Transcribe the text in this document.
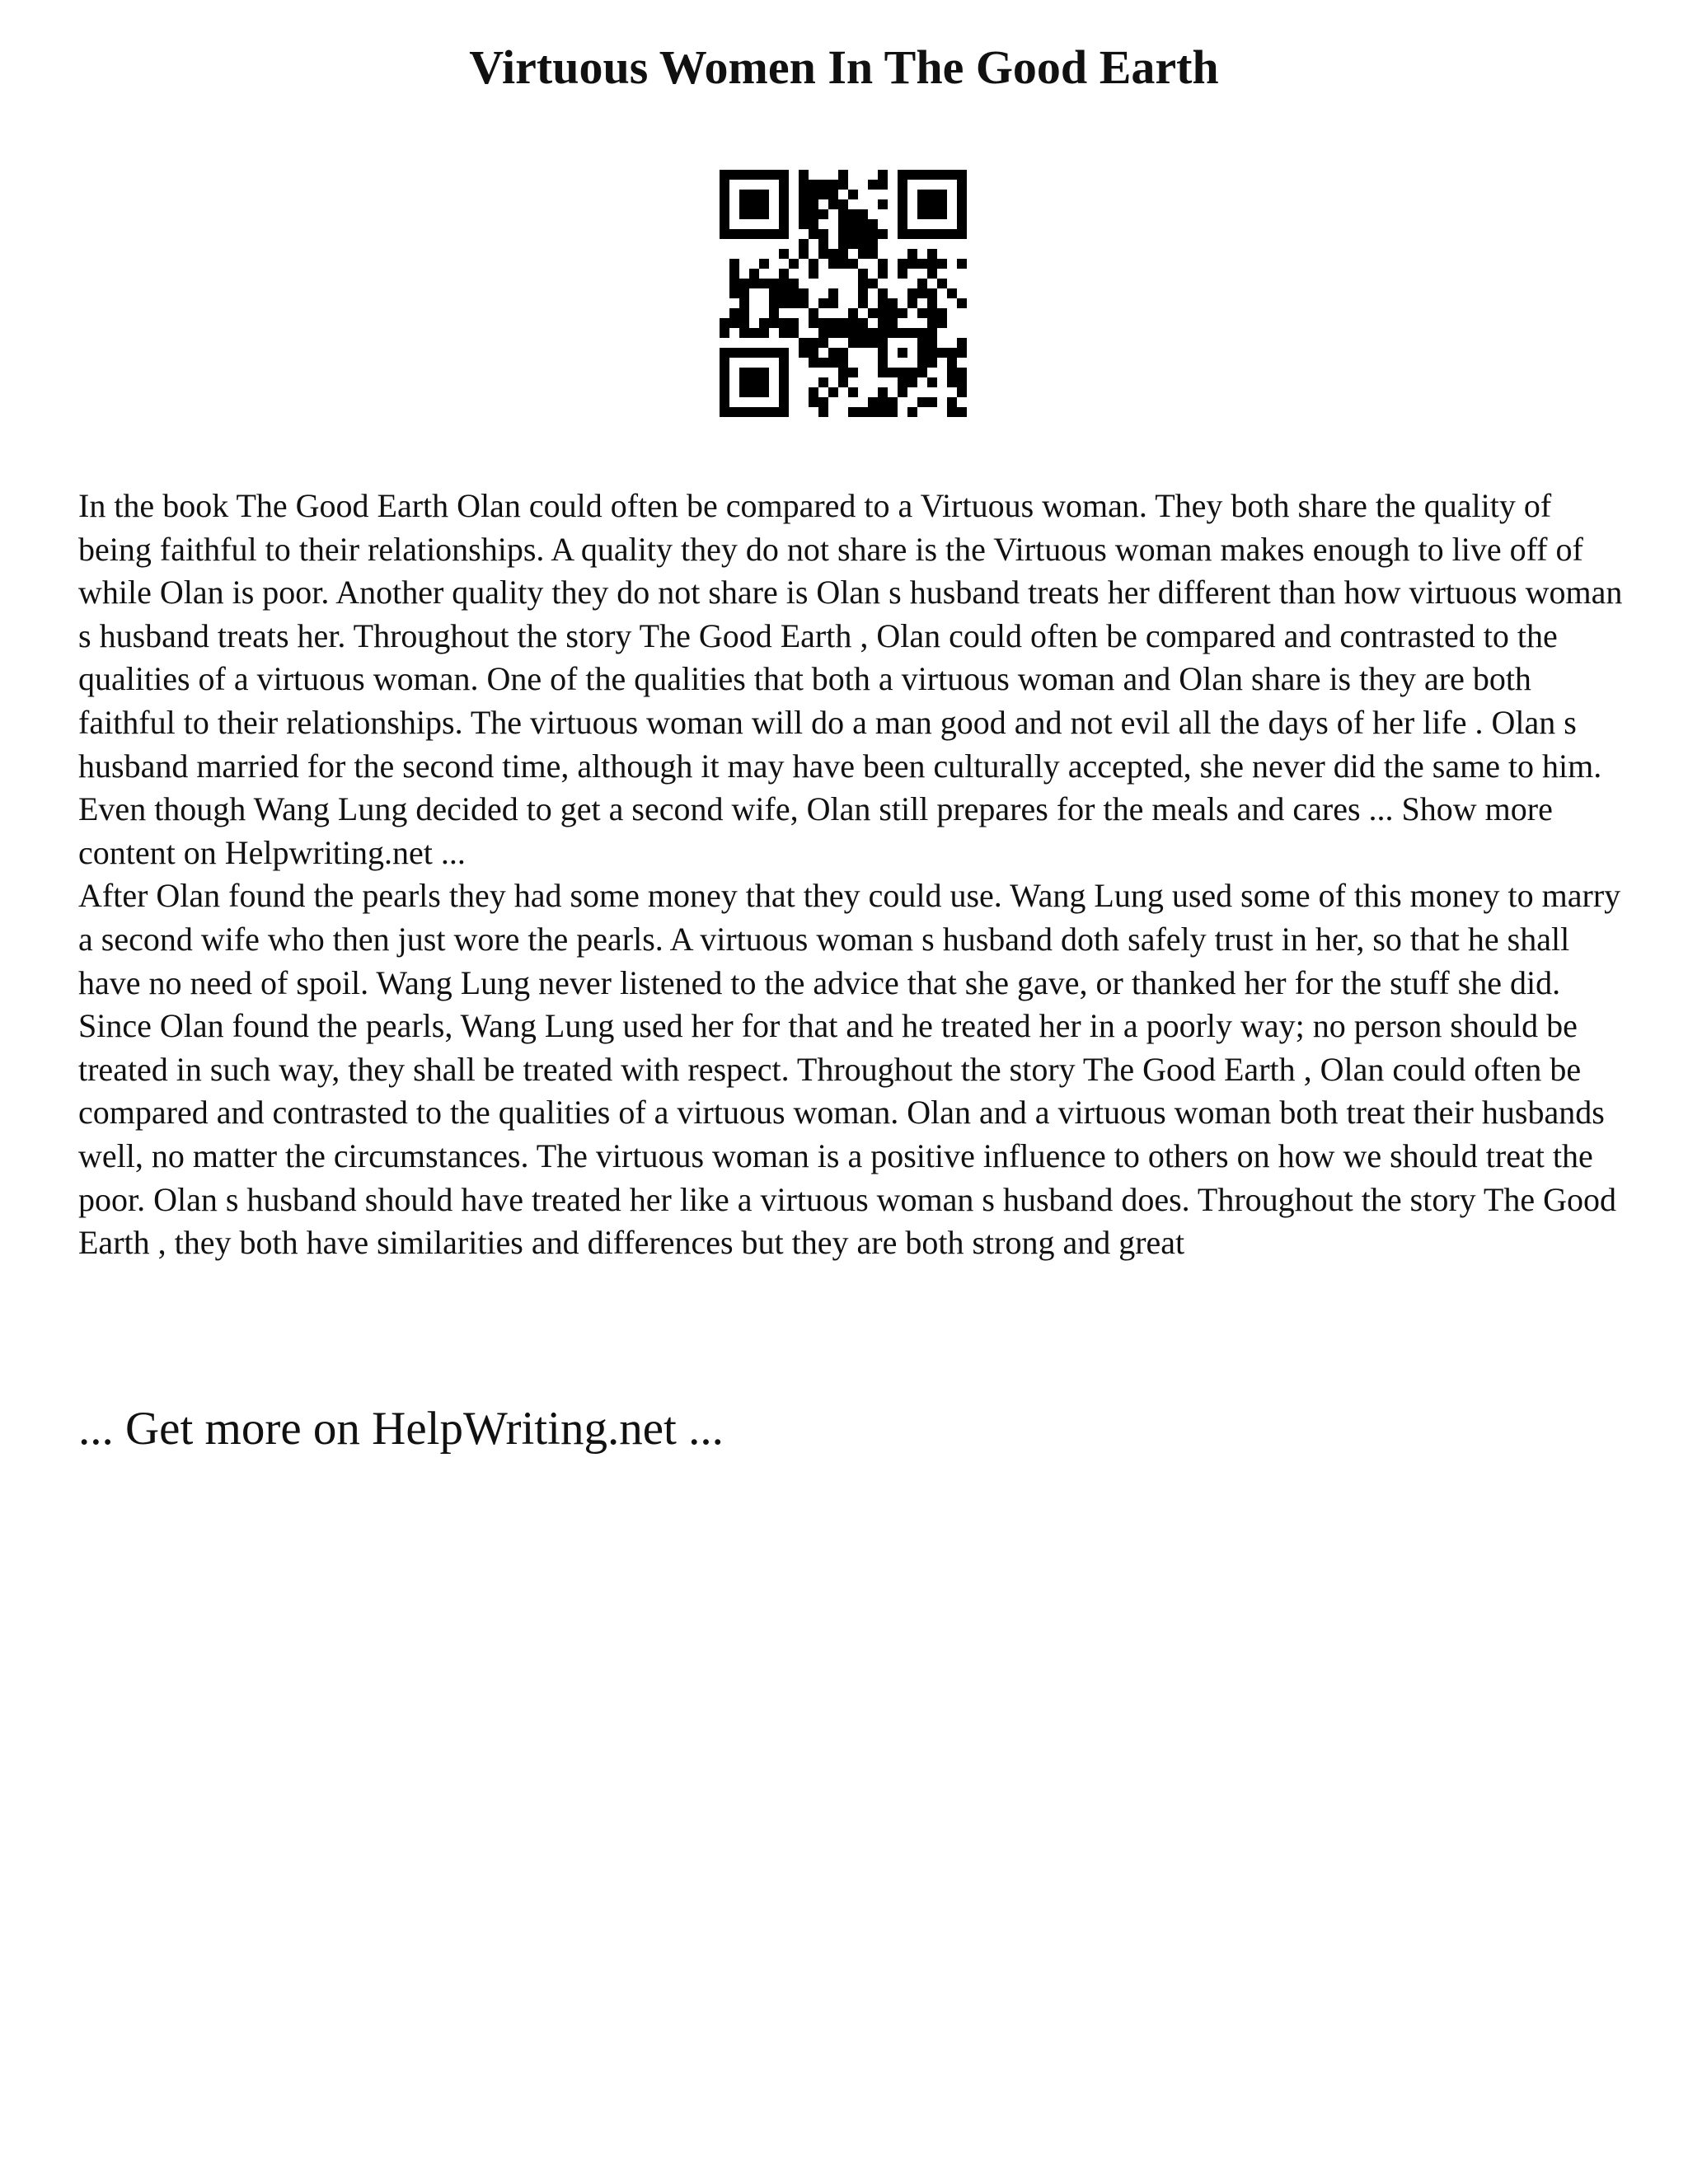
Virtuous Women In The Good Earth

In the book The Good Earth Olan could often be compared to a Virtuous woman. They both share the quality of being faithful to their relationships. A quality they do not share is the Virtuous woman makes enough to live off of while Olan is poor. Another quality they do not share is Olan s husband treats her different than how virtuous woman s husband treats her. Throughout the story The Good Earth , Olan could often be compared and contrasted to the qualities of a virtuous woman. One of the qualities that both a virtuous woman and Olan share is they are both faithful to their relationships. The virtuous woman will do a man good and not evil all the days of her life . Olan s husband married for the second time, although it may have been culturally accepted, she never did the same to him. Even though Wang Lung decided to get a second wife, Olan still prepares for the meals and cares ... Show more content on Helpwriting.net ...

After Olan found the pearls they had some money that they could use. Wang Lung used some of this money to marry a second wife who then just wore the pearls. A virtuous woman s husband doth safely trust in her, so that he shall have no need of spoil. Wang Lung never listened to the advice that she gave, or thanked her for the stuff she did. Since Olan found the pearls, Wang Lung used her for that and he treated her in a poorly way; no person should be treated in such way, they shall be treated with respect. Throughout the story The Good Earth , Olan could often be compared and contrasted to the qualities of a virtuous woman. Olan and a virtuous woman both treat their husbands well, no matter the circumstances. The virtuous woman is a positive influence to others on how we should treat the poor. Olan s husband should have treated her like a virtuous woman s husband does. Throughout the story The Good Earth , they both have similarities and differences but they are both strong and great

... Get more on HelpWriting.net ...
